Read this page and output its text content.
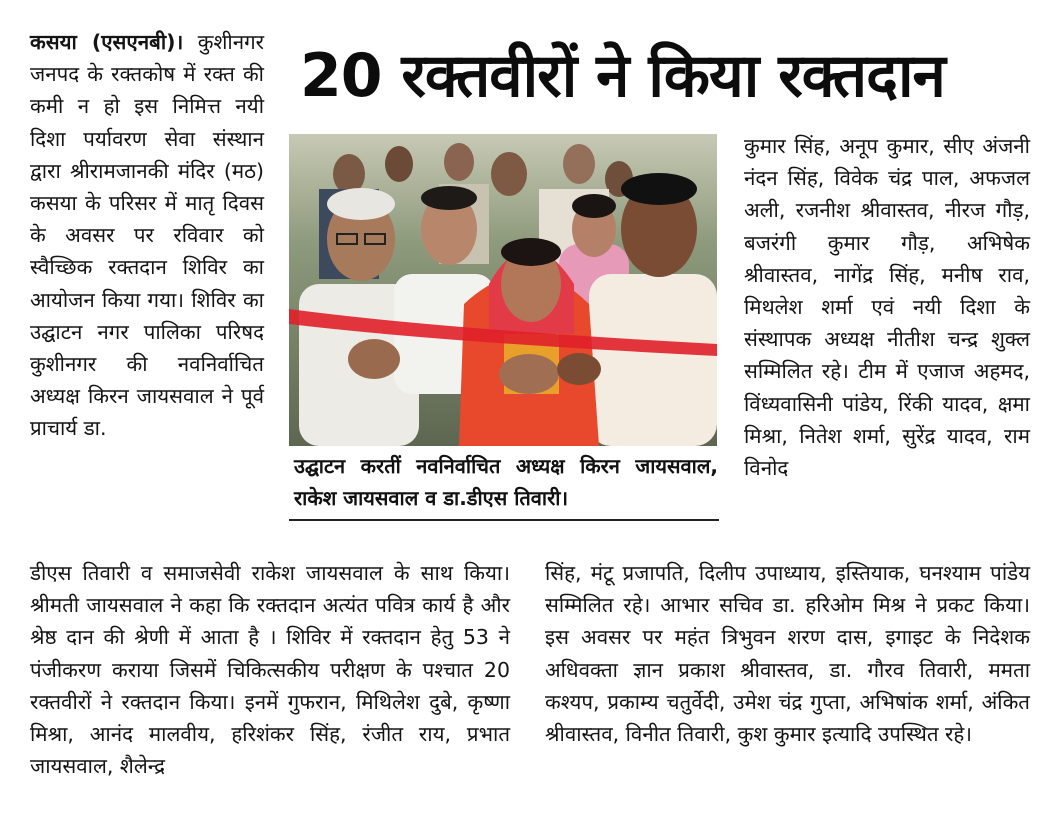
20 रक्तवीरों ने किया रक्तदान

कसया (एसएनबी)। कुशीनगर जनपद के रक्तकोष में रक्त की कमी न हो इस निमित्त नयी दिशा पर्यावरण सेवा संस्थान द्वारा श्रीरामजानकी मंदिर (मठ) कसया के परिसर में मातृ दिवस के अवसर पर रविवार को स्वैच्छिक रक्तदान शिविर का आयोजन किया गया। शिविर का उद्घाटन नगर पालिका परिषद कुशीनगर की नवनिर्वाचित अध्यक्ष किरन जायसवाल ने पूर्व प्राचार्य डा.

उद्घाटन करतीं नवनिर्वाचित अध्यक्ष किरन जायसवाल, राकेश जायसवाल व डा.डीएस तिवारी।

कुमार सिंह, अनूप कुमार, सीए अंजनी नंदन सिंह, विवेक चंद्र पाल, अफजल अली, रजनीश श्रीवास्तव, नीरज गौड़, बजरंगी कुमार गौड़, अभिषेक श्रीवास्तव, नागेंद्र सिंह, मनीष राव, मिथलेश शर्मा एवं नयी दिशा के संस्थापक अध्यक्ष नीतीश चन्द्र शुक्ल सम्मिलित रहे। टीम में एजाज अहमद, विंध्यवासिनी पांडेय, रिंकी यादव, क्षमा मिश्रा, नितेश शर्मा, सुरेंद्र यादव, राम विनोद

डीएस तिवारी व समाजसेवी राकेश जायसवाल के साथ किया।श्रीमती जायसवाल ने कहा कि रक्तदान अत्यंत पवित्र कार्य है और श्रेष्ठ दान की श्रेणी में आता है । शिविर में रक्तदान हेतु 53 ने पंजीकरण कराया जिसमें चिकित्सकीय परीक्षण के पश्चात 20 रक्तवीरों ने रक्तदान किया। इनमें गुफरान, मिथिलेश दुबे, कृष्णा मिश्रा, आनंद मालवीय, हरिशंकर सिंह, रंजीत राय, प्रभात जायसवाल, शैलेन्द्र

सिंह, मंटू प्रजापति, दिलीप उपाध्याय, इस्तियाक, घनश्याम पांडेय सम्मिलित रहे। आभार सचिव डा. हरिओम मिश्र ने प्रकट किया। इस अवसर पर महंत त्रिभुवन शरण दास, इगाइट के निदेशक अधिवक्ता ज्ञान प्रकाश श्रीवास्तव, डा. गौरव तिवारी, ममता कश्यप, प्रकाम्य चतुर्वेदी, उमेश चंद्र गुप्ता, अभिषांक शर्मा, अंकित श्रीवास्तव, विनीत तिवारी, कुश कुमार इत्यादि उपस्थित रहे।
